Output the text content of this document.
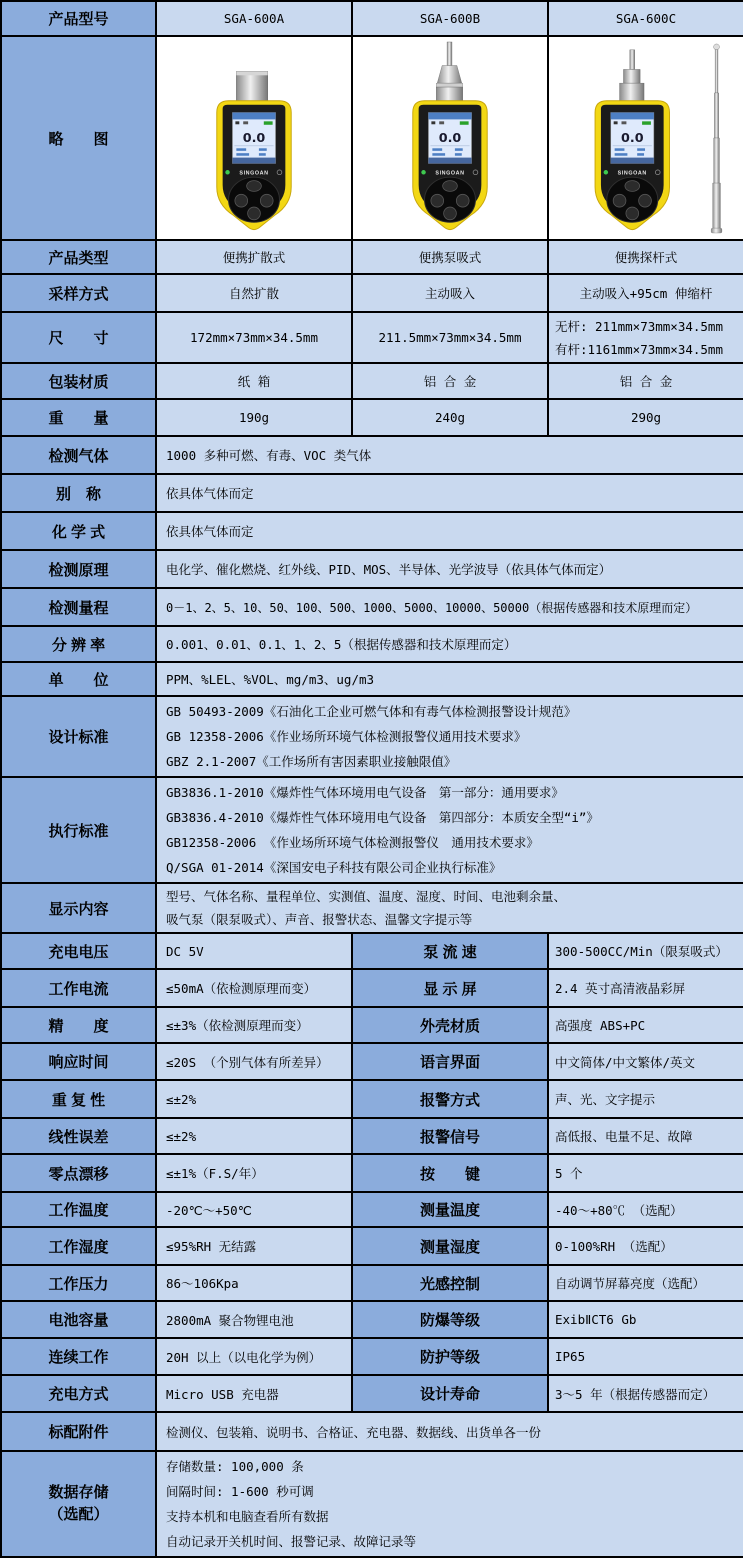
产品型号	SGA-600A	SGA-600B	SGA-600C
略　　图	

产品类型	便携扩散式	便携泵吸式	便携探杆式
采样方式	自然扩散	主动吸入	主动吸入+95cm 伸缩杆
尺　　寸	172mm×73mm×34.5mm	211.5mm×73mm×34.5mm	无杆: 211mm×73mm×34.5mm
有杆:1161mm×73mm×34.5mm

包装材质	纸 箱	铝 合 金	铝 合 金
重　　量	190g	240g	290g
检测气体	1000 多种可燃、有毒、VOC 类气体		
别　称	依具体气体而定		
化 学 式	依具体气体而定		
检测原理	电化学、催化燃烧、红外线、PID、MOS、半导体、光学波导（依具体气体而定）		
检测量程	0－1、2、5、10、50、100、500、1000、5000、10000、50000（根据传感器和技术原理而定）		
分 辨 率	0.001、0.01、0.1、1、2、5（根据传感器和技术原理而定）		
单　　位	PPM、%LEL、%VOL、mg/m3、ug/m3		
设计标准	GB 50493-2009《石油化工企业可燃气体和有毒气体检测报警设计规范》
GB 12358-2006《作业场所环境气体检测报警仪通用技术要求》
GBZ 2.1-2007《工作场所有害因素职业接触限值》		

执行标准	GB3836.1-2010《爆炸性气体环境用电气设备　第一部分：通用要求》
GB3836.4-2010《爆炸性气体环境用电气设备　第四部分：本质安全型“i”》
GB12358-2006 《作业场所环境气体检测报警仪　通用技术要求》
Q/SGA 01-2014《深国安电子科技有限公司企业执行标准》		

显示内容	型号、气体名称、量程单位、实测值、温度、湿度、时间、电池剩余量、
吸气泵（限泵吸式）、声音、报警状态、温馨文字提示等		

充电电压	DC 5V	泵 流 速	300-500CC/Min（限泵吸式）
工作电流	≤50mA（依检测原理而变）	显 示 屏	2.4 英寸高清液晶彩屏
精　　度	≤±3%（依检测原理而变）	外壳材质	高强度 ABS+PC
响应时间	≤20S （个别气体有所差异）	语言界面	中文简体/中文繁体/英文
重 复 性	≤±2%	报警方式	声、光、文字提示
线性误差	≤±2%	报警信号	高低报、电量不足、故障
零点漂移	≤±1%（F.S/年）	按　　键	5 个
工作温度	-20℃～+50℃	测量温度	-40～+80℃ （选配）
工作湿度	≤95%RH 无结露	测量湿度	0-100%RH （选配）
工作压力	86～106Kpa	光感控制	自动调节屏幕亮度（选配）
电池容量	2800mA 聚合物锂电池	防爆等级	ExibⅡCT6 Gb
连续工作	20H 以上（以电化学为例）	防护等级	IP65
充电方式	Micro USB 充电器	设计寿命	3～5 年（根据传感器而定）
标配附件	检测仪、包装箱、说明书、合格证、充电器、数据线、出货单各一份		

数据存储
（选配）

存储数量: 100,000 条
间隔时间: 1-600 秒可调
支持本机和电脑查看所有数据
自动记录开关机时间、报警记录、故障记录等
